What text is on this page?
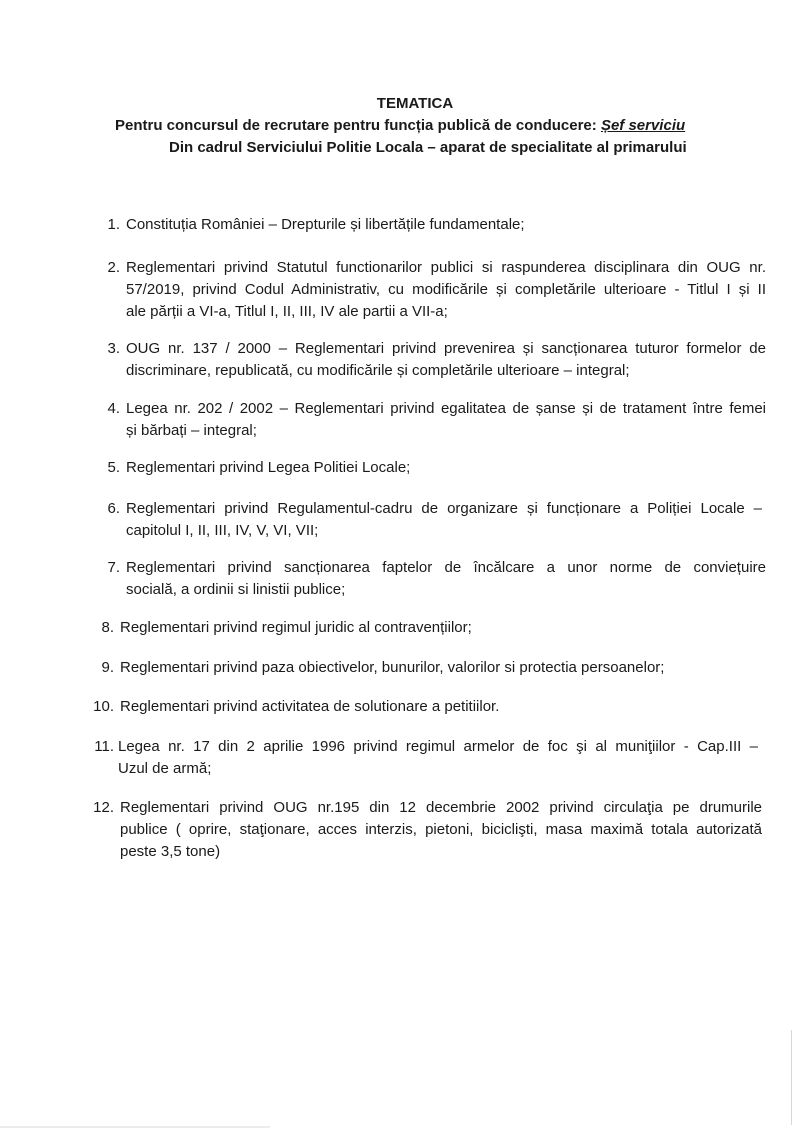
TEMATICA
Pentru concursul de recrutare pentru funcția publică de conducere: Șef serviciu
Din cadrul Serviciului Politie Locala – aparat de specialitate al primarului
1. Constituția României – Drepturile și libertățile fundamentale;
2. Reglementari privind Statutul functionarilor publici si raspunderea disciplinara din OUG nr.
57/2019, privind Codul Administrativ, cu modificările și completările ulterioare - Titlul I și II
ale părții a VI-a, Titlul I, II, III, IV ale partii a VII-a;
3. OUG nr. 137 / 2000 – Reglementari privind prevenirea și sancționarea tuturor formelor de
discriminare, republicată, cu modificările și completările ulterioare – integral;
4. Legea nr. 202 / 2002 – Reglementari privind egalitatea de șanse și de tratament între femei
și bărbați – integral;
5. Reglementari privind Legea Politiei Locale;
6. Reglementari privind Regulamentul-cadru de organizare și funcționare a Poliției Locale –
capitolul I, II, III, IV, V, VI, VII;
7. Reglementari privind sancționarea faptelor de încălcare a unor norme de conviețuire
socială, a ordinii si linistii publice;
8. Reglementari privind regimul juridic al contravențiilor;
9. Reglementari privind paza obiectivelor, bunurilor, valorilor si protectia persoanelor;
10. Reglementari privind activitatea de solutionare a petitiilor.
11. Legea nr. 17 din 2 aprilie 1996 privind regimul armelor de foc şi al muniţiilor - Cap.III –
Uzul de armă;
12. Reglementari privind OUG nr.195 din 12 decembrie 2002 privind circulaţia pe drumurile
publice ( oprire, staţionare, acces interzis, pietoni, biciclişti, masa maximă totala autorizată
peste 3,5 tone)
